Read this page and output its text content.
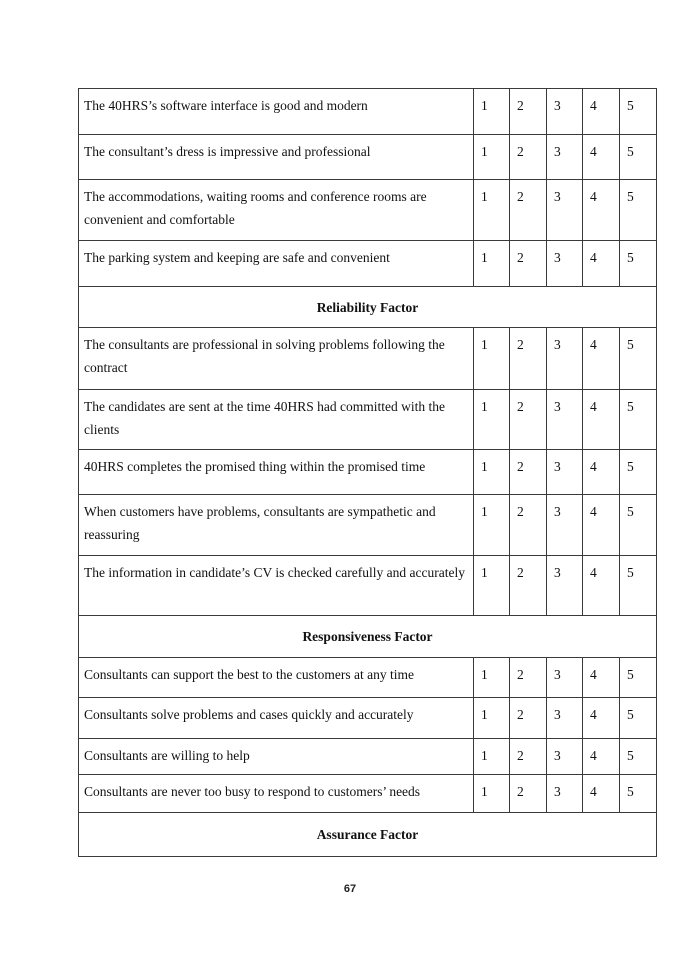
The 40HRS’s software interface is good and modern	1	2	3	4	5
The consultant’s dress is impressive and professional	1	2	3	4	5
The accommodations, waiting rooms and conference rooms are convenient and comfortable	1	2	3	4	5
The parking system and keeping are safe and convenient	1	2	3	4	5
Reliability Factor					
The consultants are professional in solving problems following the contract	1	2	3	4	5
The candidates are sent at the time 40HRS had committed with the clients	1	2	3	4	5
40HRS completes the promised thing within the promised time	1	2	3	4	5
When customers have problems, consultants are sympathetic and reassuring	1	2	3	4	5
The information in candidate’s CV is checked carefully and accurately	1	2	3	4	5
Responsiveness Factor					
Consultants can support the best to the customers at any time	1	2	3	4	5
Consultants solve problems and cases quickly and accurately	1	2	3	4	5
Consultants are willing to help	1	2	3	4	5
Consultants are never too busy to respond to customers’ needs	1	2	3	4	5
Assurance Factor					
67
